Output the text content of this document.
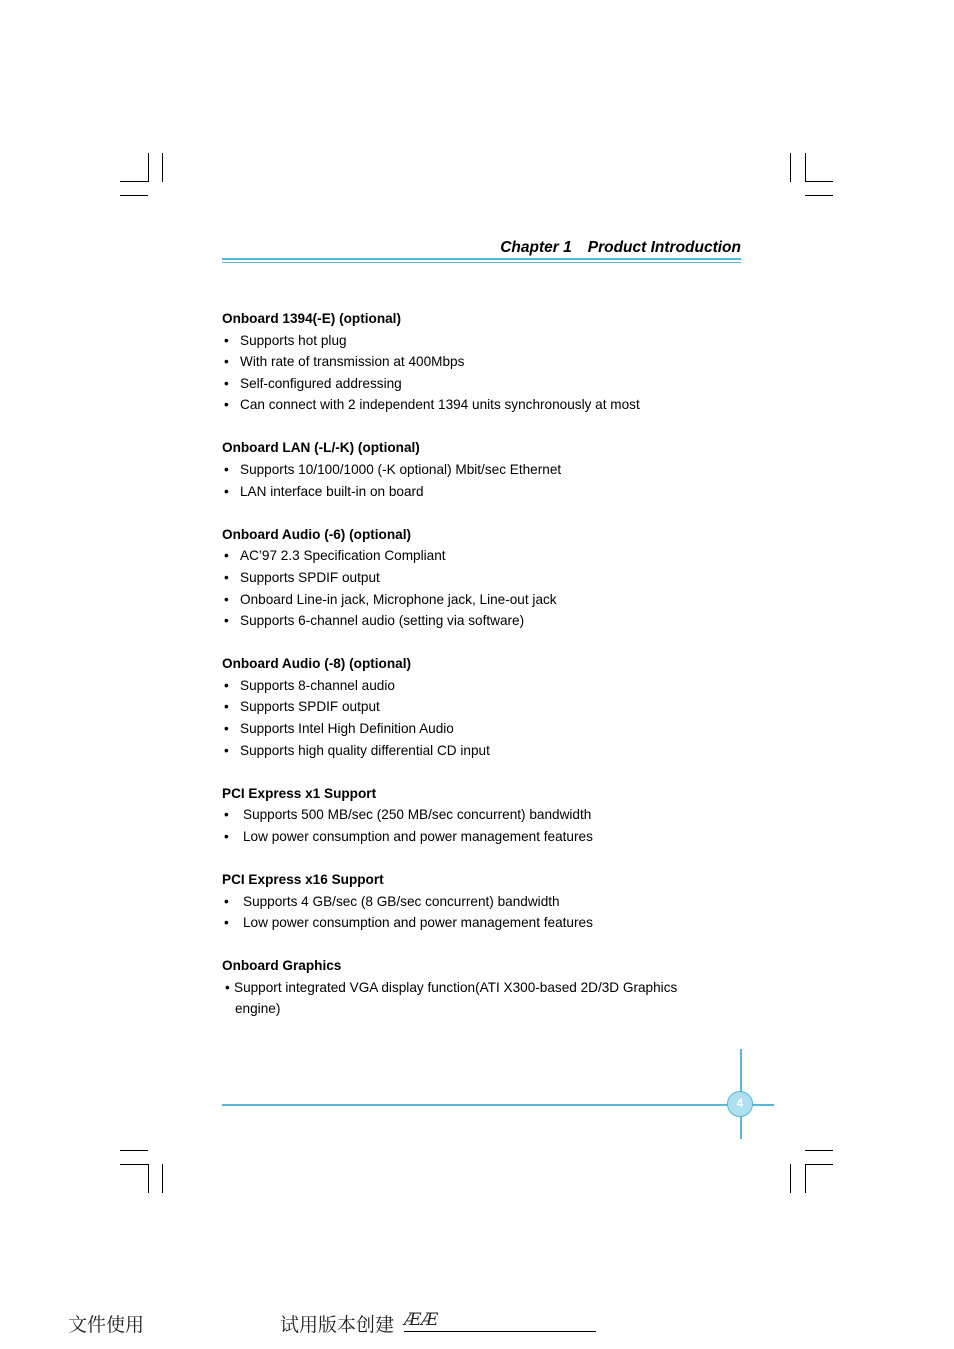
Chapter 1 Product Introduction
Onboard 1394(-E) (optional)
• Supports hot plug
• With rate of transmission at 400Mbps
• Self-configured addressing
• Can connect with 2 independent 1394 units synchronously at most
Onboard LAN (-L/-K) (optional)
• Supports 10/100/1000 (-K optional) Mbit/sec Ethernet
• LAN interface built-in on board
Onboard Audio (-6) (optional)
• AC’97 2.3 Specification Compliant
• Supports SPDIF output
• Onboard Line-in jack, Microphone jack, Line-out jack
• Supports 6-channel audio (setting via software)
Onboard Audio (-8) (optional)
• Supports 8-channel audio
• Supports SPDIF output
• Supports Intel High Definition Audio
• Supports high quality differential CD input
PCI Express x1 Support
• Supports 500 MB/sec (250 MB/sec concurrent) bandwidth
• Low power consumption and power management features
PCI Express x16 Support
• Supports 4 GB/sec (8 GB/sec concurrent) bandwidth
• Low power consumption and power management features
Onboard Graphics
• Support integrated VGA display function(ATI X300-based 2D/3D Graphics
engine)
4
文件使用	试用版本创建 ÆÆ
